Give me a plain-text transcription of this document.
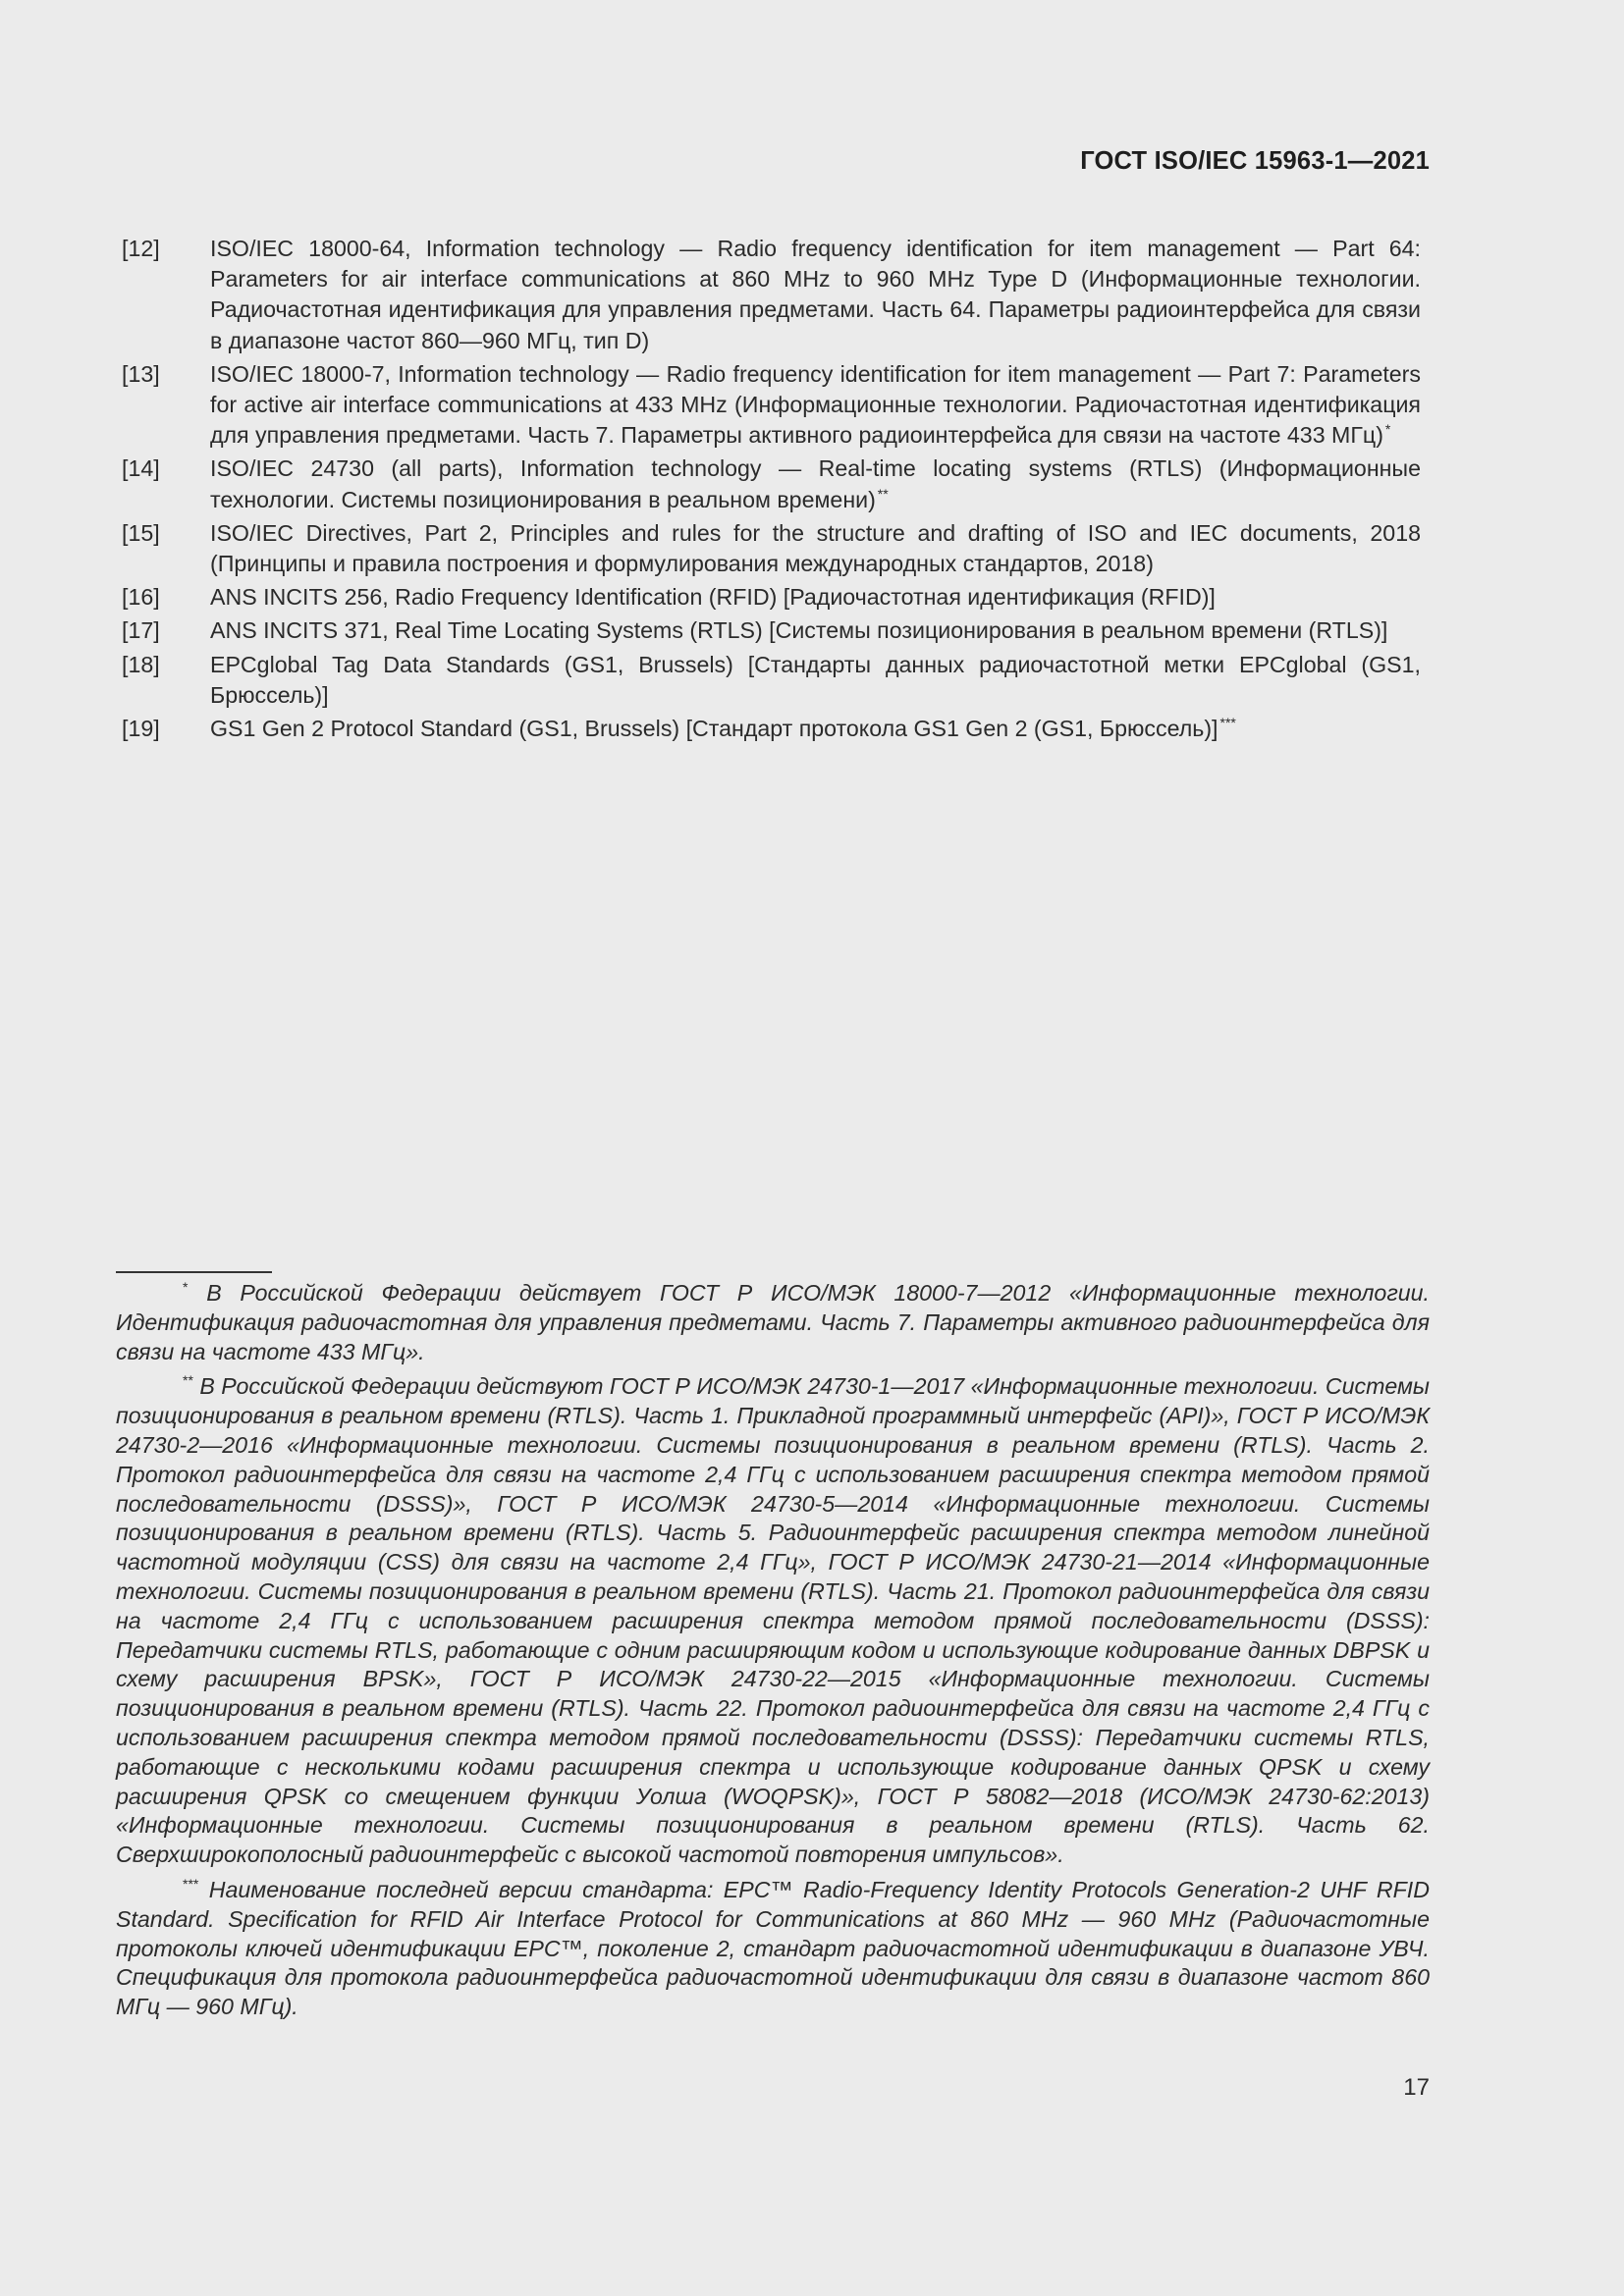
ГОСТ ISO/IEC 15963-1—2021
[12]	ISO/IEC 18000-64, Information technology — Radio frequency identification for item management — Part 64: Parameters for air interface communications at 860 MHz to 960 MHz Type D (Информационные технологии. Радиочастотная идентификация для управления предметами. Часть 64. Параметры радиоинтерфейса для связи в диапазоне частот 860—960 МГц, тип D)
[13]	ISO/IEC 18000-7, Information technology — Radio frequency identification for item management — Part 7: Parameters for active air interface communications at 433 MHz (Информационные технологии. Радиочастотная идентификация для управления предметами. Часть 7. Параметры активного радиоинтерфейса для связи на частоте 433 МГц) *
[14]	ISO/IEC 24730 (all parts), Information technology — Real-time locating systems (RTLS) (Информационные технологии. Системы позиционирования в реальном времени) **
[15]	ISO/IEC Directives, Part 2, Principles and rules for the structure and drafting of ISO and IEC documents, 2018 (Принципы и правила построения и формулирования международных стандартов, 2018)
[16]	ANS INCITS 256, Radio Frequency Identification (RFID) [Радиочастотная идентификация (RFID)]
[17]	ANS INCITS 371, Real Time Locating Systems (RTLS) [Системы позиционирования в реальном времени (RTLS)]
[18]	EPCglobal Tag Data Standards (GS1, Brussels) [Стандарты данных радиочастотной метки EPCglobal (GS1, Брюссель)]
[19]	GS1 Gen 2 Protocol Standard (GS1, Brussels) [Стандарт протокола GS1 Gen 2 (GS1, Брюссель)] ***

* В Российской Федерации действует ГОСТ Р ИСО/МЭК 18000-7—2012 «Информационные технологии. Идентификация радиочастотная для управления предметами. Часть 7. Параметры активного радиоинтерфейса для связи на частоте 433 МГц».

** В Российской Федерации действуют ГОСТ Р ИСО/МЭК 24730-1—2017 «Информационные технологии. Системы позиционирования в реальном времени (RTLS). Часть 1. Прикладной программный интерфейс (API)», ГОСТ Р ИСО/МЭК 24730-2—2016 «Информационные технологии. Системы позиционирования в реальном времени (RTLS). Часть 2. Протокол радиоинтерфейса для связи на частоте 2,4 ГГц с использованием расширения спектра методом прямой последовательности (DSSS)», ГОСТ Р ИСО/МЭК 24730-5—2014 «Информационные технологии. Системы позиционирования в реальном времени (RTLS). Часть 5. Радиоинтерфейс расширения спектра методом линейной частотной модуляции (CSS) для связи на частоте 2,4 ГГц», ГОСТ Р ИСО/МЭК 24730-21—2014 «Информационные технологии. Системы позиционирования в реальном времени (RTLS). Часть 21. Протокол радиоинтерфейса для связи на частоте 2,4 ГГц с использованием расширения спектра методом прямой последовательности (DSSS): Передатчики системы RTLS, работающие с одним расширяющим кодом и использующие кодирование данных DBPSK и схему расширения BPSK», ГОСТ Р ИСО/МЭК 24730-22—2015 «Информационные технологии. Системы позиционирования в реальном времени (RTLS). Часть 22. Протокол радиоинтерфейса для связи на частоте 2,4 ГГц с использованием расширения спектра методом прямой последовательности (DSSS): Передатчики системы RTLS, работающие с несколькими кодами расширения спектра и использующие кодирование данных QPSK и схему расширения QPSK со смещением функции Уолша (WOQPSK)», ГОСТ Р 58082—2018 (ИСО/МЭК 24730-62:2013) «Информационные технологии. Системы позиционирования в реальном времени (RTLS). Часть 62. Сверхширокополосный радиоинтерфейс с высокой частотой повторения импульсов».

*** Наименование последней версии стандарта: EPC™ Radio-Frequency Identity Protocols Generation-2 UHF RFID Standard. Specification for RFID Air Interface Protocol for Communications at 860 MHz — 960 MHz (Радиочастотные протоколы ключей идентификации EPC™, поколение 2, стандарт радиочастотной идентификации в диапазоне УВЧ. Спецификация для протокола радиоинтерфейса радиочастотной идентификации для связи в диапазоне частот 860 МГц — 960 МГц).

17
